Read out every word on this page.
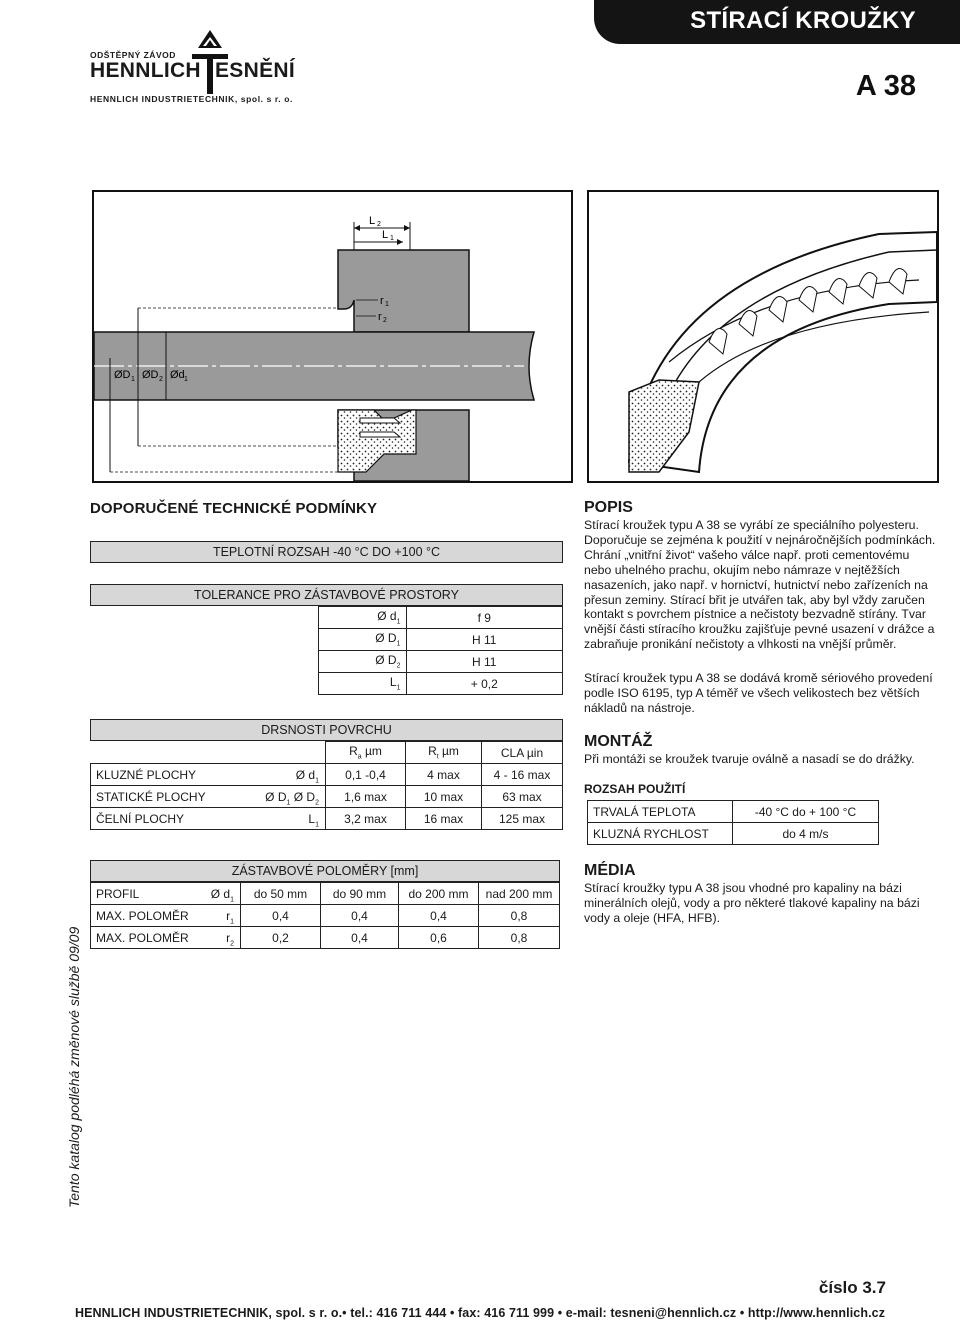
STÍRACÍ KROUŽKY
A 38
ODŠTĚPNÝ ZÁVOD
HENNLICH ESNĚNÍ
HENNLICH INDUSTRIETECHNIK, spol. s r. o.
L 2
L 1
r 1
r 2
ØD 1 ØD 2 Ød 1
DOPORUČENÉ TECHNICKÉ PODMÍNKY
TEPLOTNÍ ROZSAH -40 °C DO +100 °C
TOLERANCE PRO ZÁSTAVBOVÉ PROSTORY
	Ø $d_1$	f 9
	Ø $D_1$	H 11
	Ø $D_2$	H 11
	$L_1$	+ 0,2
DRSNOSTI POVRCHU
	$R_a$ µm	$R_t$ µm	CLA µin
KLUZNÉ PLOCHY Ø $d_1$	0,1 -0,4	4 max	4 - 16 max
STATICKÉ PLOCHY Ø $D_1$ Ø $D_2$	1,6 max	10 max	63 max
ČELNÍ PLOCHY $L_1$	3,2 max	16 max	125 max
ZÁSTAVBOVÉ POLOMĚRY [mm]
PROFIL Ø $d_1$	do 50 mm	do 90 mm	do 200 mm	nad 200 mm
MAX. POLOMĚR $r_1$	0,4	0,4	0,4	0,8
MAX. POLOMĚR $r_2$	0,2	0,4	0,6	0,8
POPIS
Stírací kroužek typu A 38 se vyrábí ze speciálního polyesteru. Doporučuje se zejména k použití v nejnáročnějších podmínkách. Chrání „vnitřní život“ vašeho válce např. proti cementovému nebo uhelného prachu, okujím nebo námraze v nejtěžších nasazeních, jako např. v hornictví, hutnictví nebo zařízeních na přesun zeminy. Stírací břit je utvářen tak, aby byl vždy zaručen kontakt s povrchem pístnice a nečistoty bezvadně stírány. Tvar vnější části stíracího kroužku zajišťuje pevné usazení v drážce a zabraňuje pronikání nečistoty a vlhkosti na vnější průměr.
Stírací kroužek typu A 38 se dodává kromě sériového provedení podle ISO 6195, typ A téměř ve všech velikostech bez větších nákladů na nástroje.
MONTÁŽ
Při montáži se kroužek tvaruje oválně a nasadí se do drážky.
ROZSAH POUŽITÍ
TRVALÁ TEPLOTA	-40 °C do + 100 °C
KLUZNÁ RYCHLOST	do 4 m/s
MÉDIA
Stírací kroužky typu A 38 jsou vhodné pro kapaliny na bázi minerálních olejů, vody a pro některé tlakové kapaliny na bázi vody a oleje (HFA, HFB).
Tento katalog podléhá změnové službě 09/09
číslo 3.7
HENNLICH INDUSTRIETECHNIK, spol. s r. o.• tel.: 416 711 444 • fax: 416 711 999 • e-mail: tesneni@hennlich.cz • http://www.hennlich.cz
